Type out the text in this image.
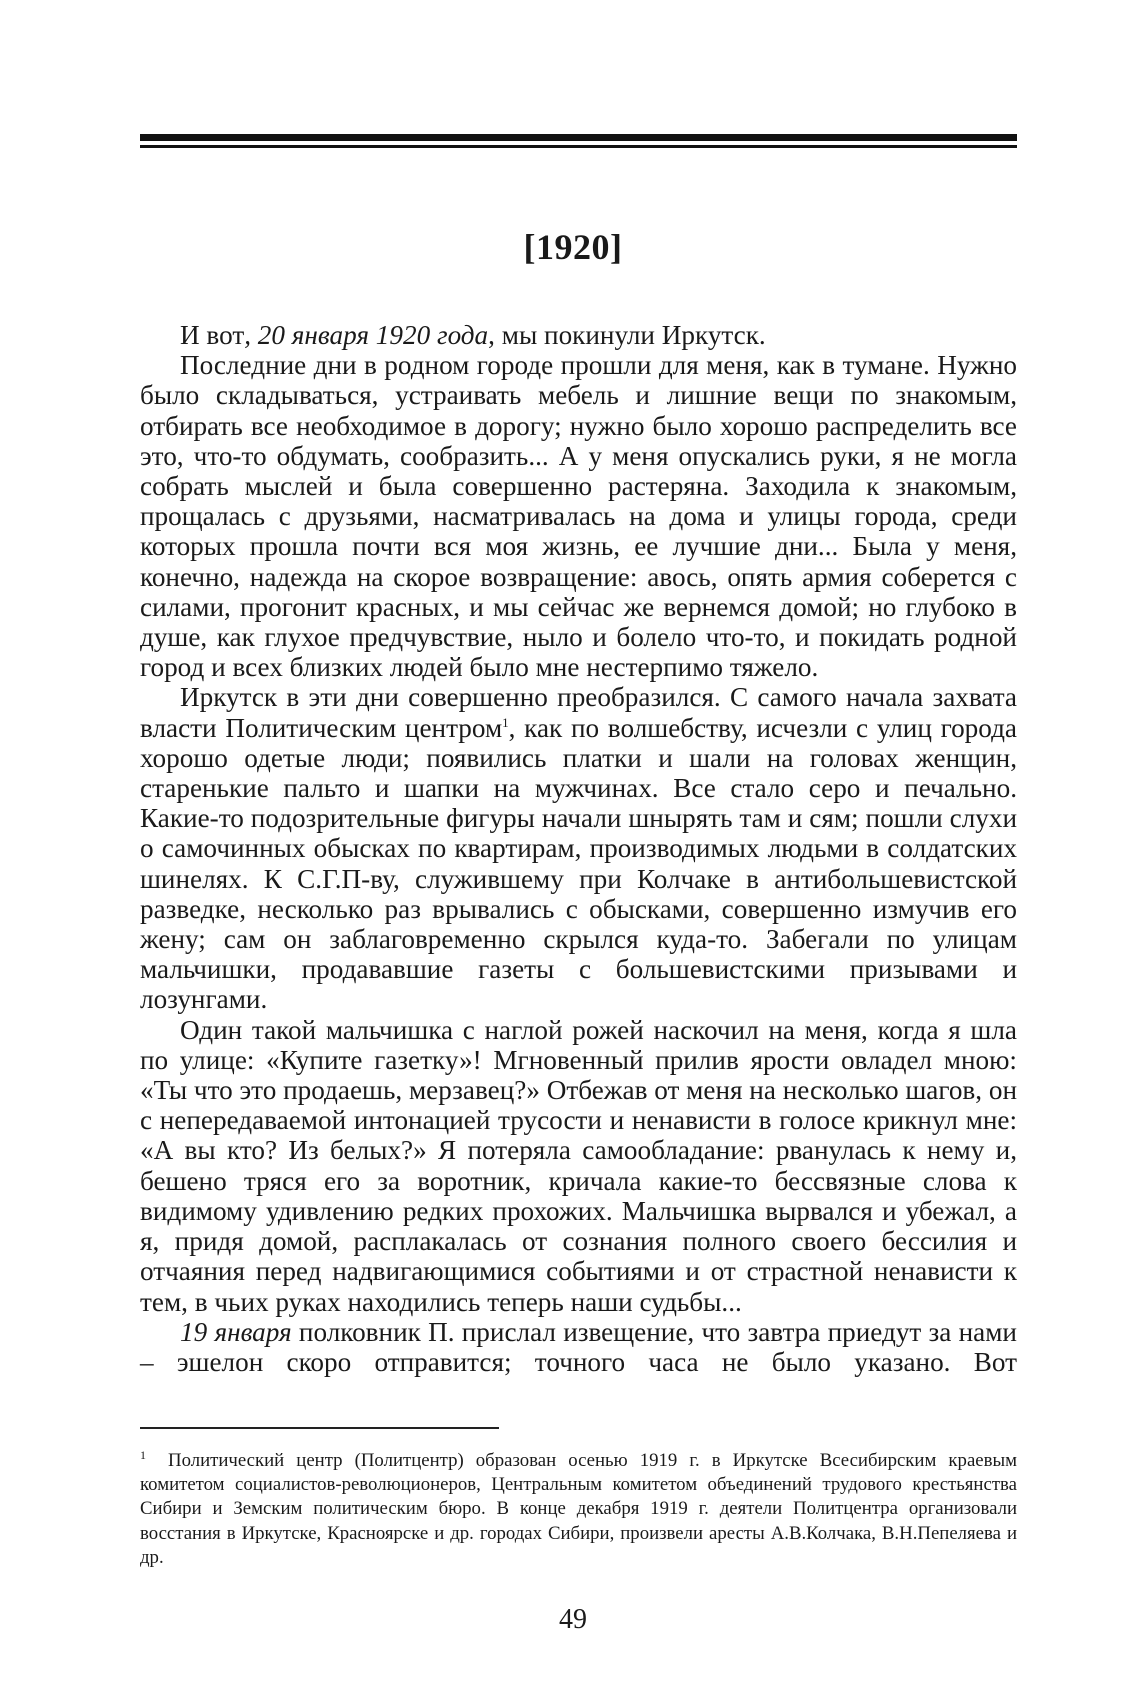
[1920]

И вот, 20 января 1920 года, мы покинули Иркутск.

Последние дни в родном городе прошли для меня, как в тумане. Нужно было складываться, устраивать мебель и лишние вещи по знакомым, отбирать все необходимое в дорогу; нужно было хорошо распределить все это, что-то обдумать, сообразить... А у меня опускались руки, я не могла собрать мыслей и была совершенно растеряна. Заходила к знакомым, прощалась с друзьями, насматривалась на дома и улицы города, среди которых прошла почти вся моя жизнь, ее лучшие дни... Была у меня, конечно, надежда на скорое возвращение: авось, опять армия соберется с силами, прогонит красных, и мы сейчас же вернемся домой; но глубоко в душе, как глухое предчувствие, ныло и болело что-то, и покидать родной город и всех близких людей было мне нестерпимо тяжело.

Иркутск в эти дни совершенно преобразился. С самого начала захвата власти Политическим центром$^1$, как по волшебству, исчезли с улиц города хорошо одетые люди; появились платки и шали на головах женщин, старенькие пальто и шапки на мужчинах. Все стало серо и печально. Какие-то подозрительные фигуры начали шнырять там и сям; пошли слухи о самочинных обысках по квартирам, производимых людьми в солдатских шинелях. К С.Г.П-ву, служившему при Колчаке в антибольшевистской разведке, несколько раз врывались с обысками, совершенно измучив его жену; сам он заблаговременно скрылся куда-то. Забегали по улицам мальчишки, продававшие газеты с большевистскими призывами и лозунгами.

Один такой мальчишка с наглой рожей наскочил на меня, когда я шла по улице: «Купите газетку»! Мгновенный прилив ярости овладел мною: «Ты что это продаешь, мерзавец?» Отбежав от меня на несколько шагов, он с непередаваемой интонацией трусости и ненависти в голосе крикнул мне: «А вы кто? Из белых?» Я потеряла самообладание: рванулась к нему и, бешено тряся его за воротник, кричала какие-то бессвязные слова к видимому удивлению редких прохожих. Мальчишка вырвался и убежал, а я, придя домой, расплакалась от сознания полного своего бессилия и отчаяния перед надвигающимися событиями и от страстной ненависти к тем, в чьих руках находились теперь наши судьбы...

19 января полковник П. прислал извещение, что завтра приедут за нами – эшелон скоро отправится; точного часа не было указано. Вот

$^1$ Политический центр (Политцентр) образован осенью 1919 г. в Иркутске Всесибирским краевым комитетом социалистов-революционеров, Центральным комитетом объединений трудового крестьянства Сибири и Земским политическим бюро. В конце декабря 1919 г. деятели Политцентра организовали восстания в Иркутске, Красноярске и др. городах Сибири, произвели аресты А.В.Колчака, В.Н.Пепеляева и др.
49
